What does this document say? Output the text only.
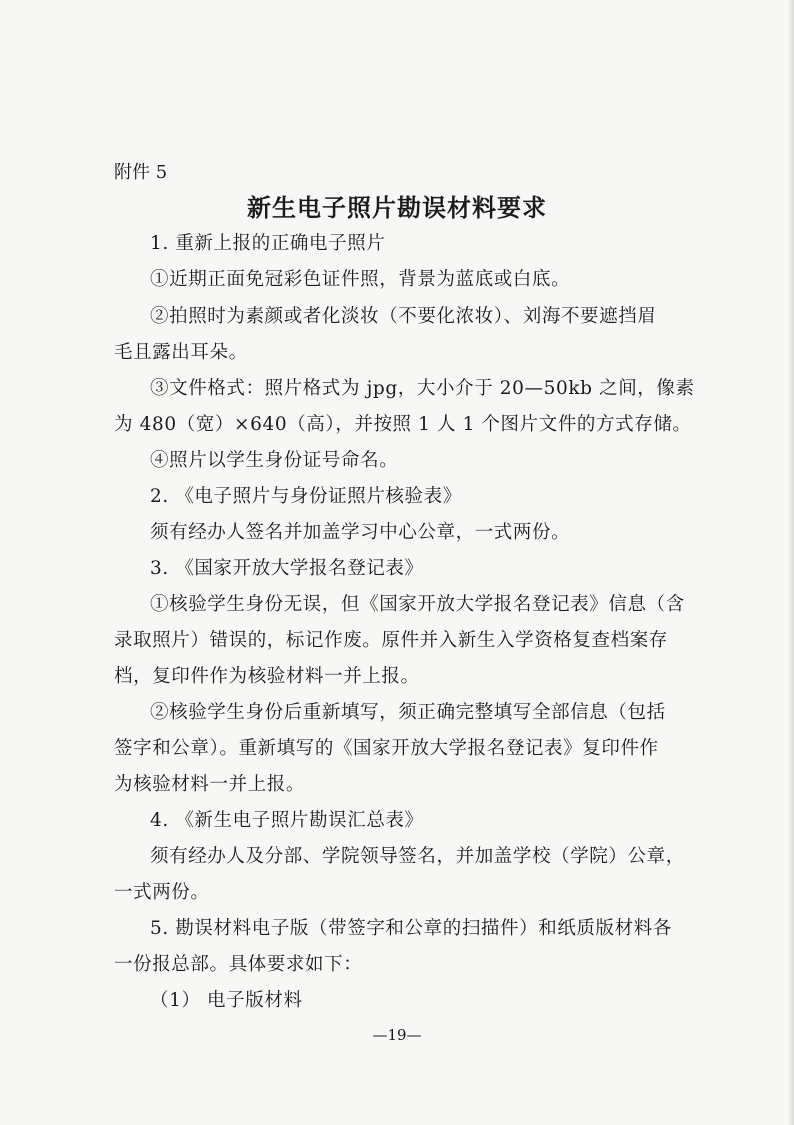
附件 5
新生电子照片勘误材料要求
1. 重新上报的正确电子照片
①近期正面免冠彩色证件照，背景为蓝底或白底。
②拍照时为素颜或者化淡妆（不要化浓妆）、刘海不要遮挡眉
毛且露出耳朵。
③文件格式：照片格式为 jpg，大小介于 20—50kb 之间，像素
为 480（宽）×640（高），并按照 1 人 1 个图片文件的方式存储。
④照片以学生身份证号命名。
2. 《电子照片与身份证照片核验表》
须有经办人签名并加盖学习中心公章，一式两份。
3. 《国家开放大学报名登记表》
①核验学生身份无误，但《国家开放大学报名登记表》信息（含
录取照片）错误的，标记作废。原件并入新生入学资格复查档案存
档，复印件作为核验材料一并上报。
②核验学生身份后重新填写，须正确完整填写全部信息（包括
签字和公章）。重新填写的《国家开放大学报名登记表》复印件作
为核验材料一并上报。
4. 《新生电子照片勘误汇总表》
须有经办人及分部、学院领导签名，并加盖学校（学院）公章，
一式两份。
5. 勘误材料电子版（带签字和公章的扫描件）和纸质版材料各
一份报总部。具体要求如下：
（1） 电子版材料
—19—
